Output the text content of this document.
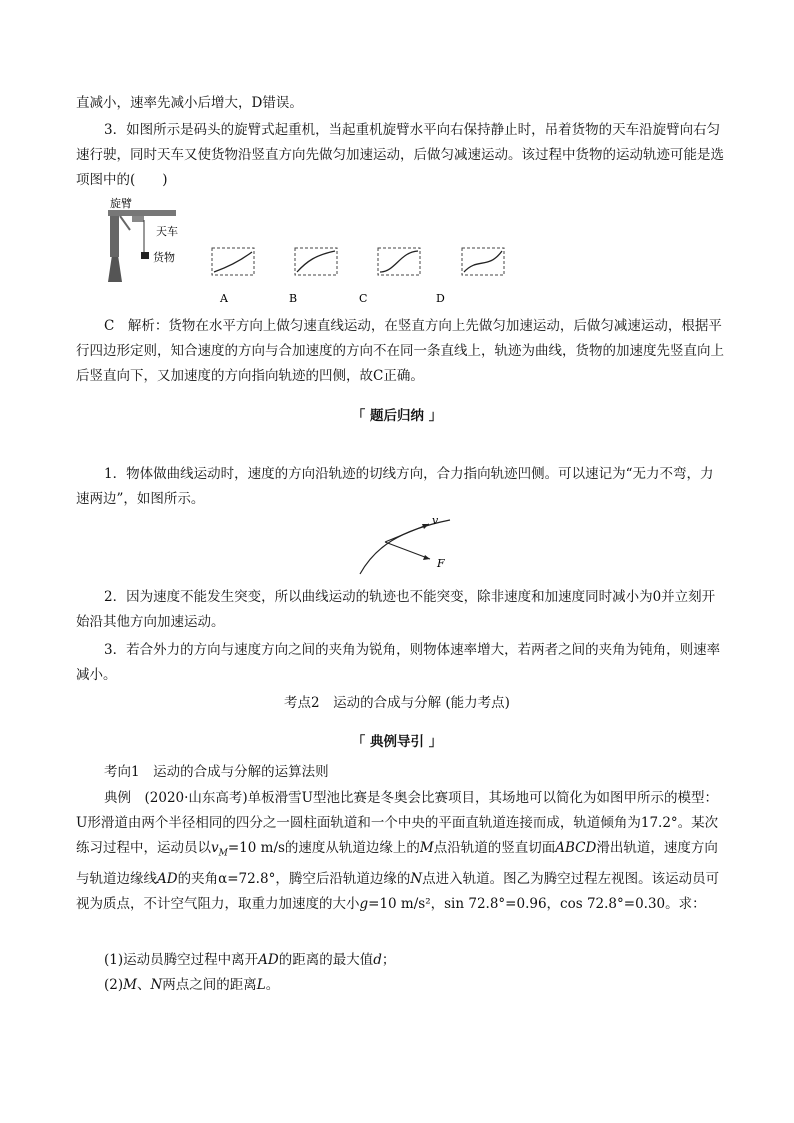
直减小，速率先减小后增大，D错误。

3．如图所示是码头的旋臂式起重机，当起重机旋臂水平向右保持静止时，吊着货物的天车沿旋臂向右匀速行驶，同时天车又使货物沿竖直方向先做匀加速运动，后做匀减速运动。该过程中货物的运动轨迹可能是选项图中的(　　)

旋臂
天车
货物
A	B	C	D

C　解析：货物在水平方向上做匀速直线运动，在竖直方向上先做匀加速运动，后做匀减速运动，根据平行四边形定则，知合速度的方向与合加速度的方向不在同一条直线上，轨迹为曲线，货物的加速度先竖直向上后竖直向下，又加速度的方向指向轨迹的凹侧，故C正确。

「 题后归纳 」

1．物体做曲线运动时，速度的方向沿轨迹的切线方向，合力指向轨迹凹侧。可以速记为“无力不弯，力速两边”，如图所示。

v
F

2．因为速度不能发生突变，所以曲线运动的轨迹也不能突变，除非速度和加速度同时减小为0并立刻开始沿其他方向加速运动。

3．若合外力的方向与速度方向之间的夹角为锐角，则物体速率增大，若两者之间的夹角为钝角，则速率减小。

考点2　运动的合成与分解 (能力考点)

「 典例导引 」

考向1　运动的合成与分解的运算法则

典例　(2020·山东高考)单板滑雪U型池比赛是冬奥会比赛项目，其场地可以简化为如图甲所示的模型：U形滑道由两个半径相同的四分之一圆柱面轨道和一个中央的平面直轨道连接而成，轨道倾角为17.2°。某次练习过程中，运动员以$v_M=10$ m/s的速度从轨道边缘上的M点沿轨道的竖直切面ABCD滑出轨道，速度方向与轨道边缘线AD的夹角α=72.8°，腾空后沿轨道边缘的N点进入轨道。图乙为腾空过程左视图。该运动员可视为质点，不计空气阻力，取重力加速度的大小g=10 m/s²，sin 72.8°=0.96，cos 72.8°=0.30。求：

(1)运动员腾空过程中离开AD的距离的最大值d；

(2)M、N两点之间的距离L。
